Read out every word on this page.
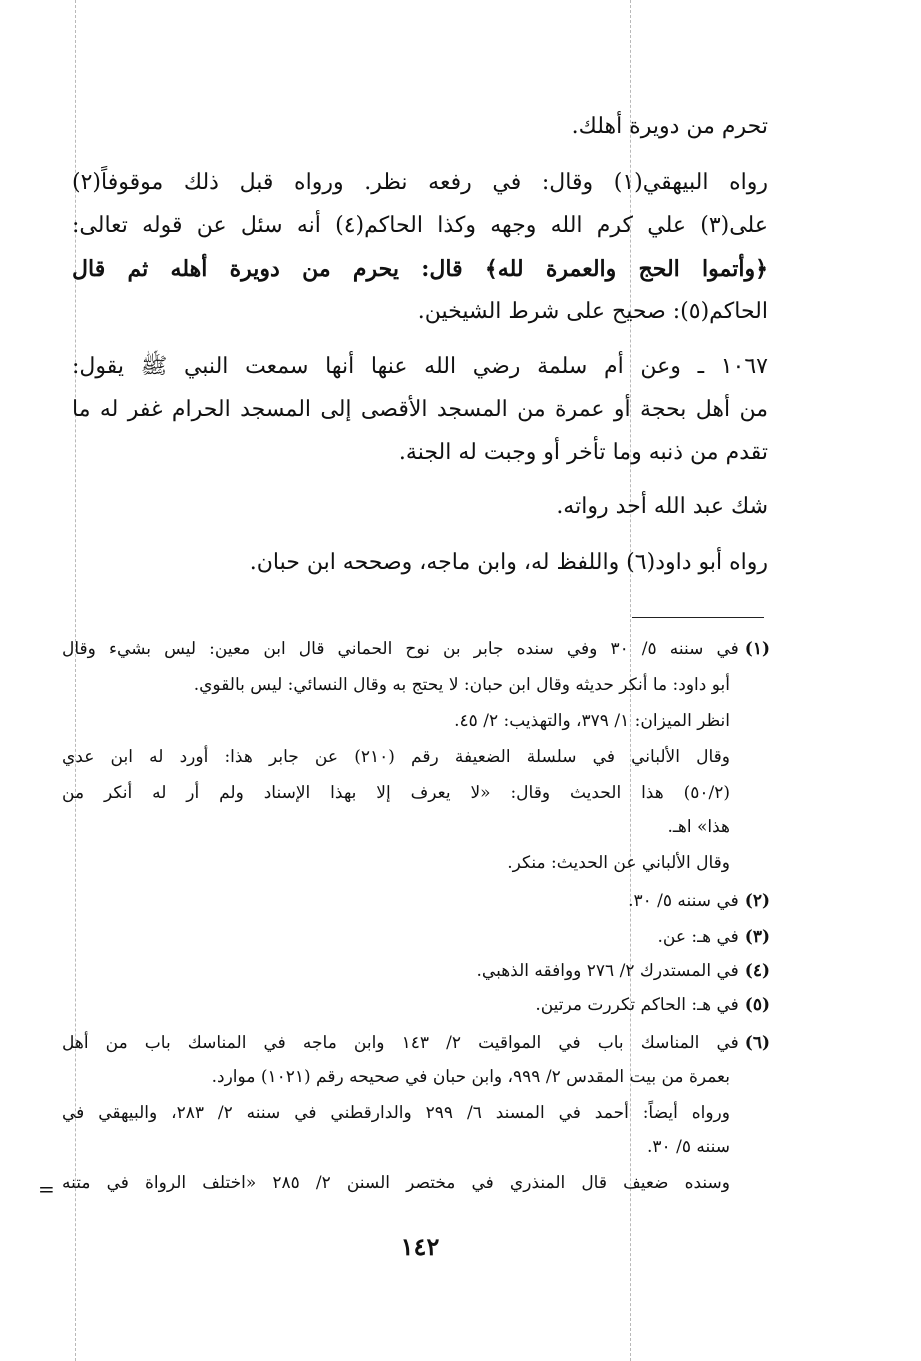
تحرم من دويرة أهلك.
رواه البيهقي(١) وقال: في رفعه نظر. ورواه قبل ذلك موقوفاً(٢)
على(٣) علي كرم الله وجهه وكذا الحاكم(٤) أنه سئل عن قوله تعالى:
﴿وأتموا الحج والعمرة لله﴾ قال: يحرم من دويرة أهله ثم قال
الحاكم(٥): صحيح على شرط الشيخين.
١٠٦٧ ـ وعن أم سلمة رضي الله عنها أنها سمعت النبي ﷺ يقول:
من أهل بحجة أو عمرة من المسجد الأقصى إلى المسجد الحرام غفر له ما
تقدم من ذنبه وما تأخر أو وجبت له الجنة.
شك عبد الله أحد رواته.
رواه أبو داود(٦) واللفظ له، وابن ماجه، وصححه ابن حبان.
(١)في سننه ٥/ ٣٠ وفي سنده جابر بن نوح الحماني قال ابن معين: ليس بشيء وقال
أبو داود: ما أنكر حديثه وقال ابن حبان: لا يحتج به وقال النسائي: ليس بالقوي.
انظر الميزان: ١/ ٣٧٩، والتهذيب: ٢/ ٤٥.
وقال الألباني في سلسلة الضعيفة رقم (٢١٠) عن جابر هذا: أورد له ابن عدي
(٥٠/٢) هذا الحديث وقال: «لا يعرف إلا بهذا الإسناد ولم أر له أنكر من
هذا» اهـ.
وقال الألباني عن الحديث: منكر.
(٢)في سننه ٥/ ٣٠.
(٣)في هـ: عن.
(٤)في المستدرك ٢/ ٢٧٦ ووافقه الذهبي.
(٥)في هـ: الحاكم تكررت مرتين.
(٦)في المناسك باب في المواقيت ٢/ ١٤٣ وابن ماجه في المناسك باب من أهل
بعمرة من بيت المقدس ٢/ ٩٩٩، وابن حبان في صحيحه رقم (١٠٢١) موارد.
ورواه أيضاً: أحمد في المسند ٦/ ٢٩٩ والدارقطني في سننه ٢/ ٢٨٣، والبيهقي في
سننه ٥/ ٣٠.
وسنده ضعيف قال المنذري في مختصر السنن ٢/ ٢٨٥ «اختلف الرواة في متنه
=
١٤٢
